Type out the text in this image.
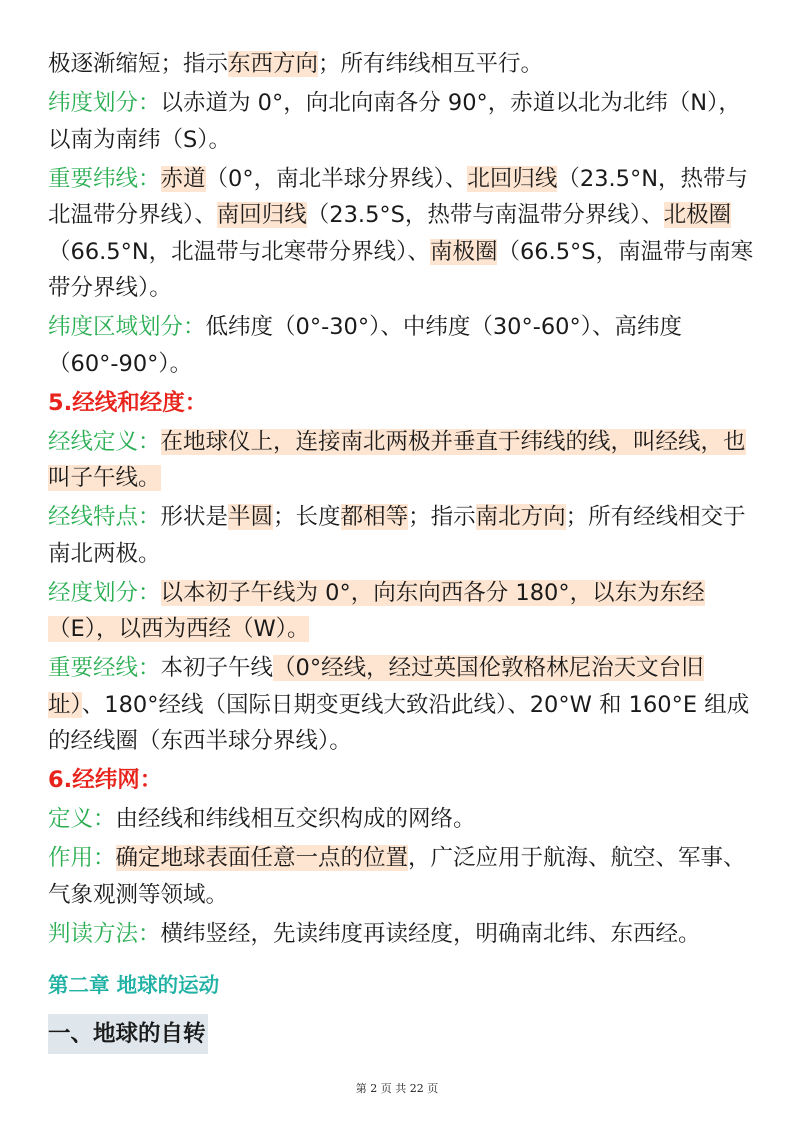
极逐渐缩短；指示东西方向；所有纬线相互平行。

纬度划分：以赤道为 0°，向北向南各分 90°，赤道以北为北纬（N），以南为南纬（S）。

重要纬线：赤道（0°，南北半球分界线）、北回归线（23.5°N，热带与北温带分界线）、南回归线（23.5°S，热带与南温带分界线）、北极圈（66.5°N，北温带与北寒带分界线）、南极圈（66.5°S，南温带与南寒带分界线）。

纬度区域划分：低纬度（0°-30°）、中纬度（30°-60°）、高纬度（60°-90°）。

5.经线和经度：

经线定义：在地球仪上，连接南北两极并垂直于纬线的线，叫经线，也叫子午线。

经线特点：形状是半圆；长度都相等；指示南北方向；所有经线相交于南北两极。

经度划分：以本初子午线为 0°，向东向西各分 180°，以东为东经（E），以西为西经（W）。

重要经线：本初子午线（0°经线，经过英国伦敦格林尼治天文台旧址）、180°经线（国际日期变更线大致沿此线）、20°W 和 160°E 组成的经线圈（东西半球分界线）。

6.经纬网：

定义：由经线和纬线相互交织构成的网络。

作用：确定地球表面任意一点的位置，广泛应用于航海、航空、军事、气象观测等领域。

判读方法：横纬竖经，先读纬度再读经度，明确南北纬、东西经。

第二章 地球的运动

一、地球的自转
第 2 页 共 22 页
